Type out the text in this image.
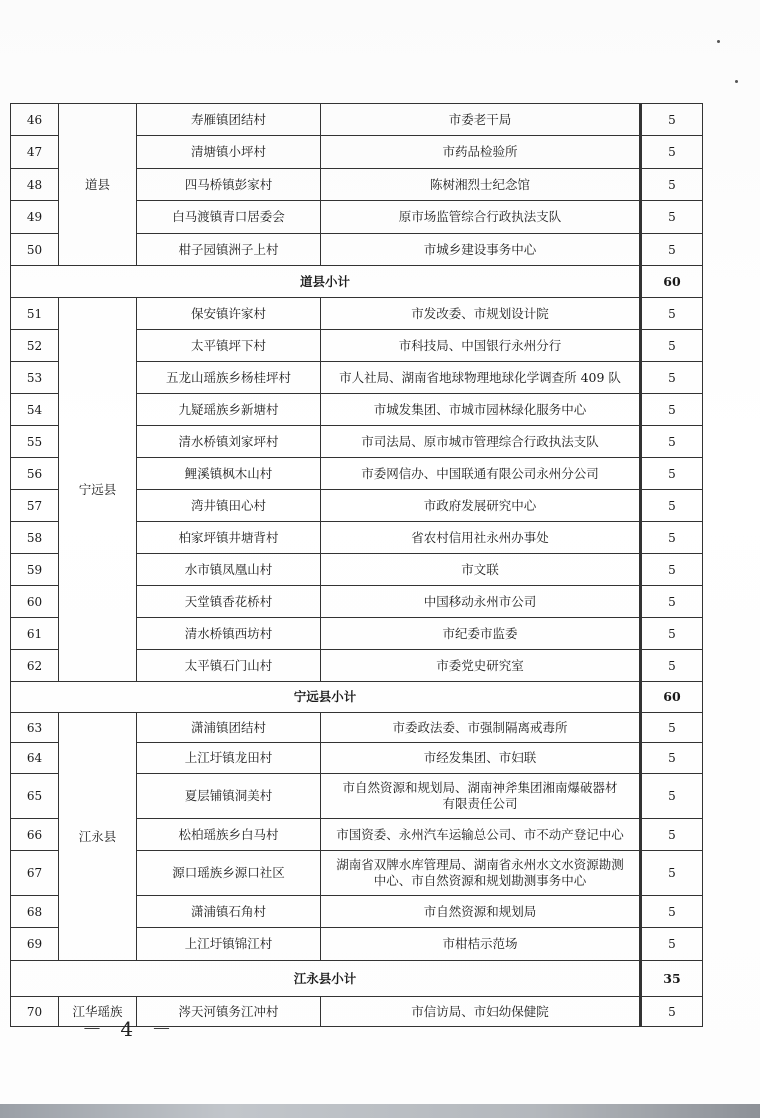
46	道县	寿雁镇团结村	市委老干局	5
47		清塘镇小坪村	市药品检验所	5
48		四马桥镇彭家村	陈树湘烈士纪念馆	5
49		白马渡镇青口居委会	原市场监管综合行政执法支队	5
50		柑子园镇洲子上村	市城乡建设事务中心	5
道县小计				60
51	宁远县	保安镇许家村	市发改委、市规划设计院	5
52		太平镇坪下村	市科技局、中国银行永州分行	5
53		五龙山瑶族乡杨桂坪村	市人社局、湖南省地球物理地球化学调查所 409 队	5
54		九疑瑶族乡新塘村	市城发集团、市城市园林绿化服务中心	5
55		清水桥镇刘家坪村	市司法局、原市城市管理综合行政执法支队	5
56		鲤溪镇枫木山村	市委网信办、中国联通有限公司永州分公司	5
57		湾井镇田心村	市政府发展研究中心	5
58		柏家坪镇井塘背村	省农村信用社永州办事处	5
59		水市镇凤凰山村	市文联	5
60		天堂镇香花桥村	中国移动永州市公司	5
61		清水桥镇西坊村	市纪委市监委	5
62		太平镇石门山村	市委党史研究室	5
宁远县小计				60
63	江永县	潇浦镇团结村	市委政法委、市强制隔离戒毒所	5
64		上江圩镇龙田村	市经发集团、市妇联	5
65		夏层铺镇洞美村	市自然资源和规划局、湖南神斧集团湘南爆破器材
有限责任公司	5
66		松柏瑶族乡白马村	市国资委、永州汽车运输总公司、市不动产登记中心	5
67		源口瑶族乡源口社区	湖南省双牌水库管理局、湖南省永州水文水资源勘测
中心、市自然资源和规划勘测事务中心	5
68		潇浦镇石角村	市自然资源和规划局	5
69		上江圩镇锦江村	市柑桔示范场	5
江永县小计				35
70	江华瑶族	涔天河镇务江冲村	市信访局、市妇幼保健院	5
－ 4 －
